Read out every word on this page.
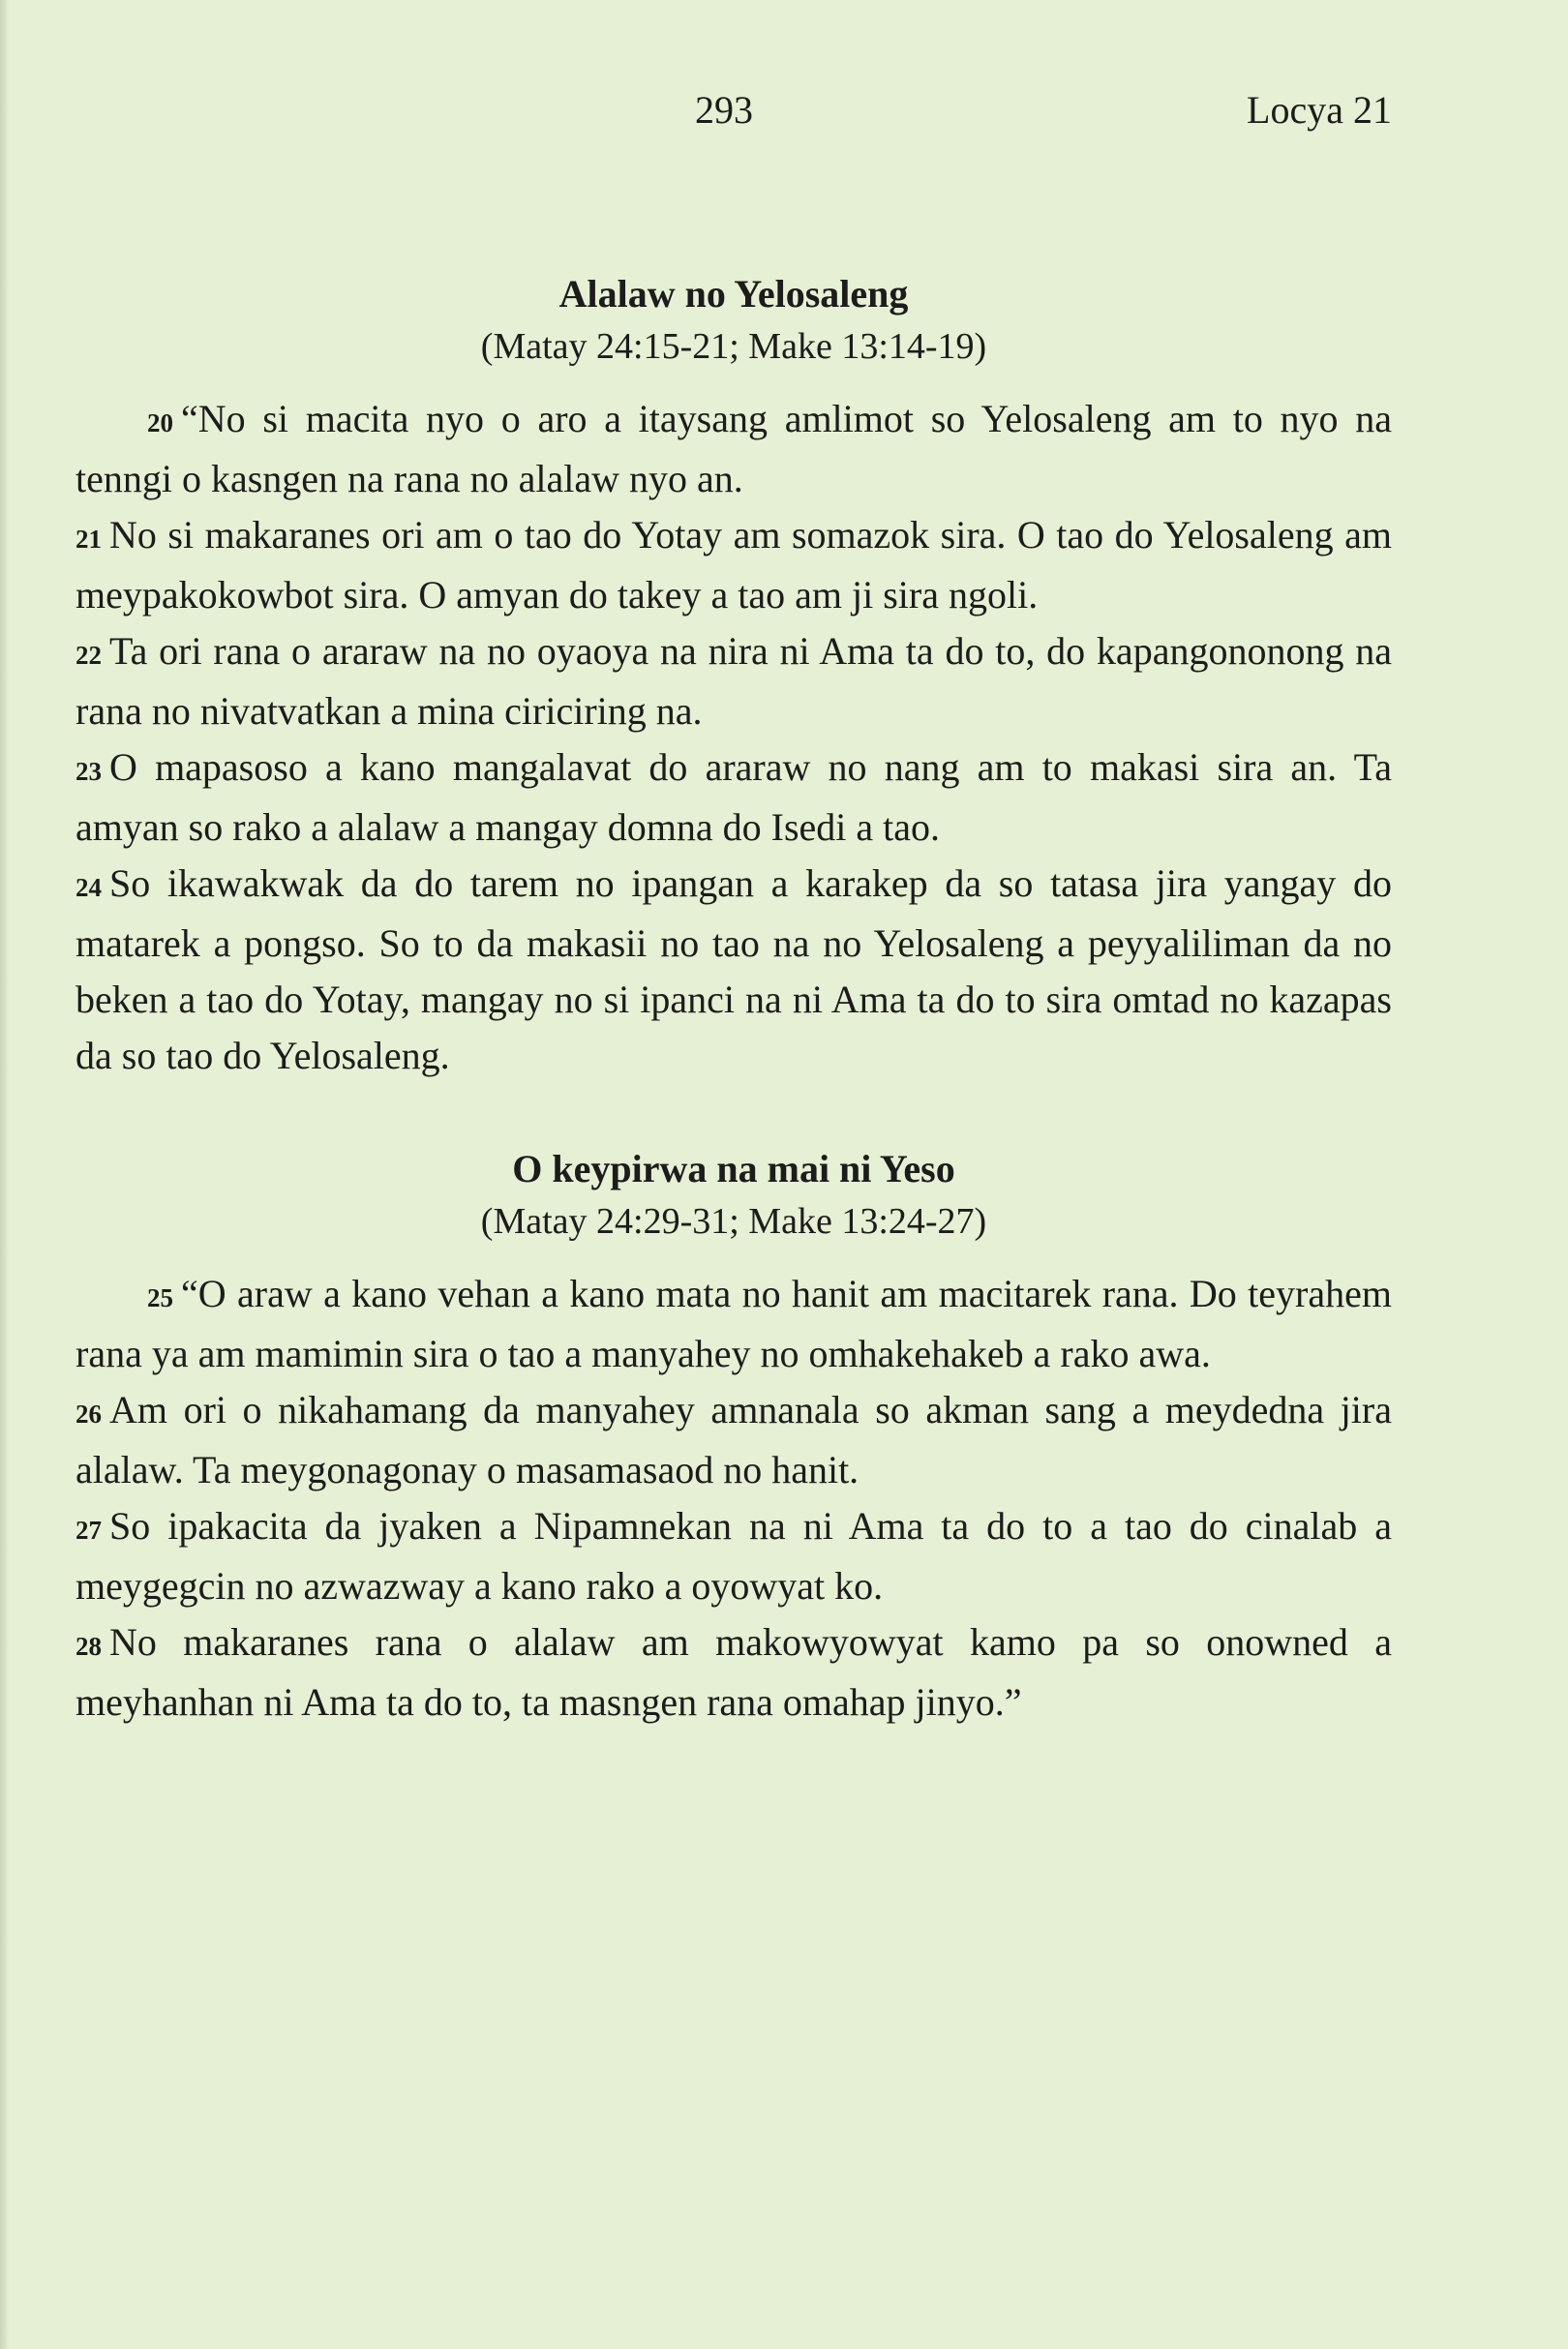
293	Locya 21
Alalaw no Yelosaleng
(Matay 24:15-21; Make 13:14-19)

20 “No si macita nyo o aro a itaysang amlimot so Yelosaleng am to nyo na tenngi o kasngen na rana no alalaw nyo an.

21 No si makaranes ori am o tao do Yotay am somazok sira. O tao do Yelosaleng am meypakokowbot sira. O amyan do takey a tao am ji sira ngoli.

22 Ta ori rana o araraw na no oyaoya na nira ni Ama ta do to, do kapangononong na rana no nivatvatkan a mina ciriciring na.

23 O mapasoso a kano mangalavat do araraw no nang am to makasi sira an. Ta amyan so rako a alalaw a mangay domna do Isedi a tao.

24 So ikawakwak da do tarem no ipangan a karakep da so tatasa jira yangay do matarek a pongso. So to da makasii no tao na no Yelosaleng a peyyaliliman da no beken a tao do Yotay, mangay no si ipanci na ni Ama ta do to sira omtad no kazapas da so tao do Yelosaleng.

O keypirwa na mai ni Yeso
(Matay 24:29-31; Make 13:24-27)

25 “O araw a kano vehan a kano mata no hanit am macitarek rana. Do teyrahem rana ya am mamimin sira o tao a manyahey no omhakehakeb a rako awa.

26 Am ori o nikahamang da manyahey amnanala so akman sang a meydedna jira alalaw. Ta meygonagonay o masamasaod no hanit.

27 So ipakacita da jyaken a Nipamnekan na ni Ama ta do to a tao do cinalab a meygegcin no azwazway a kano rako a oyowyat ko.

28 No makaranes rana o alalaw am makowyowyat kamo pa so onowned a meyhanhan ni Ama ta do to, ta masngen rana omahap jinyo.”
